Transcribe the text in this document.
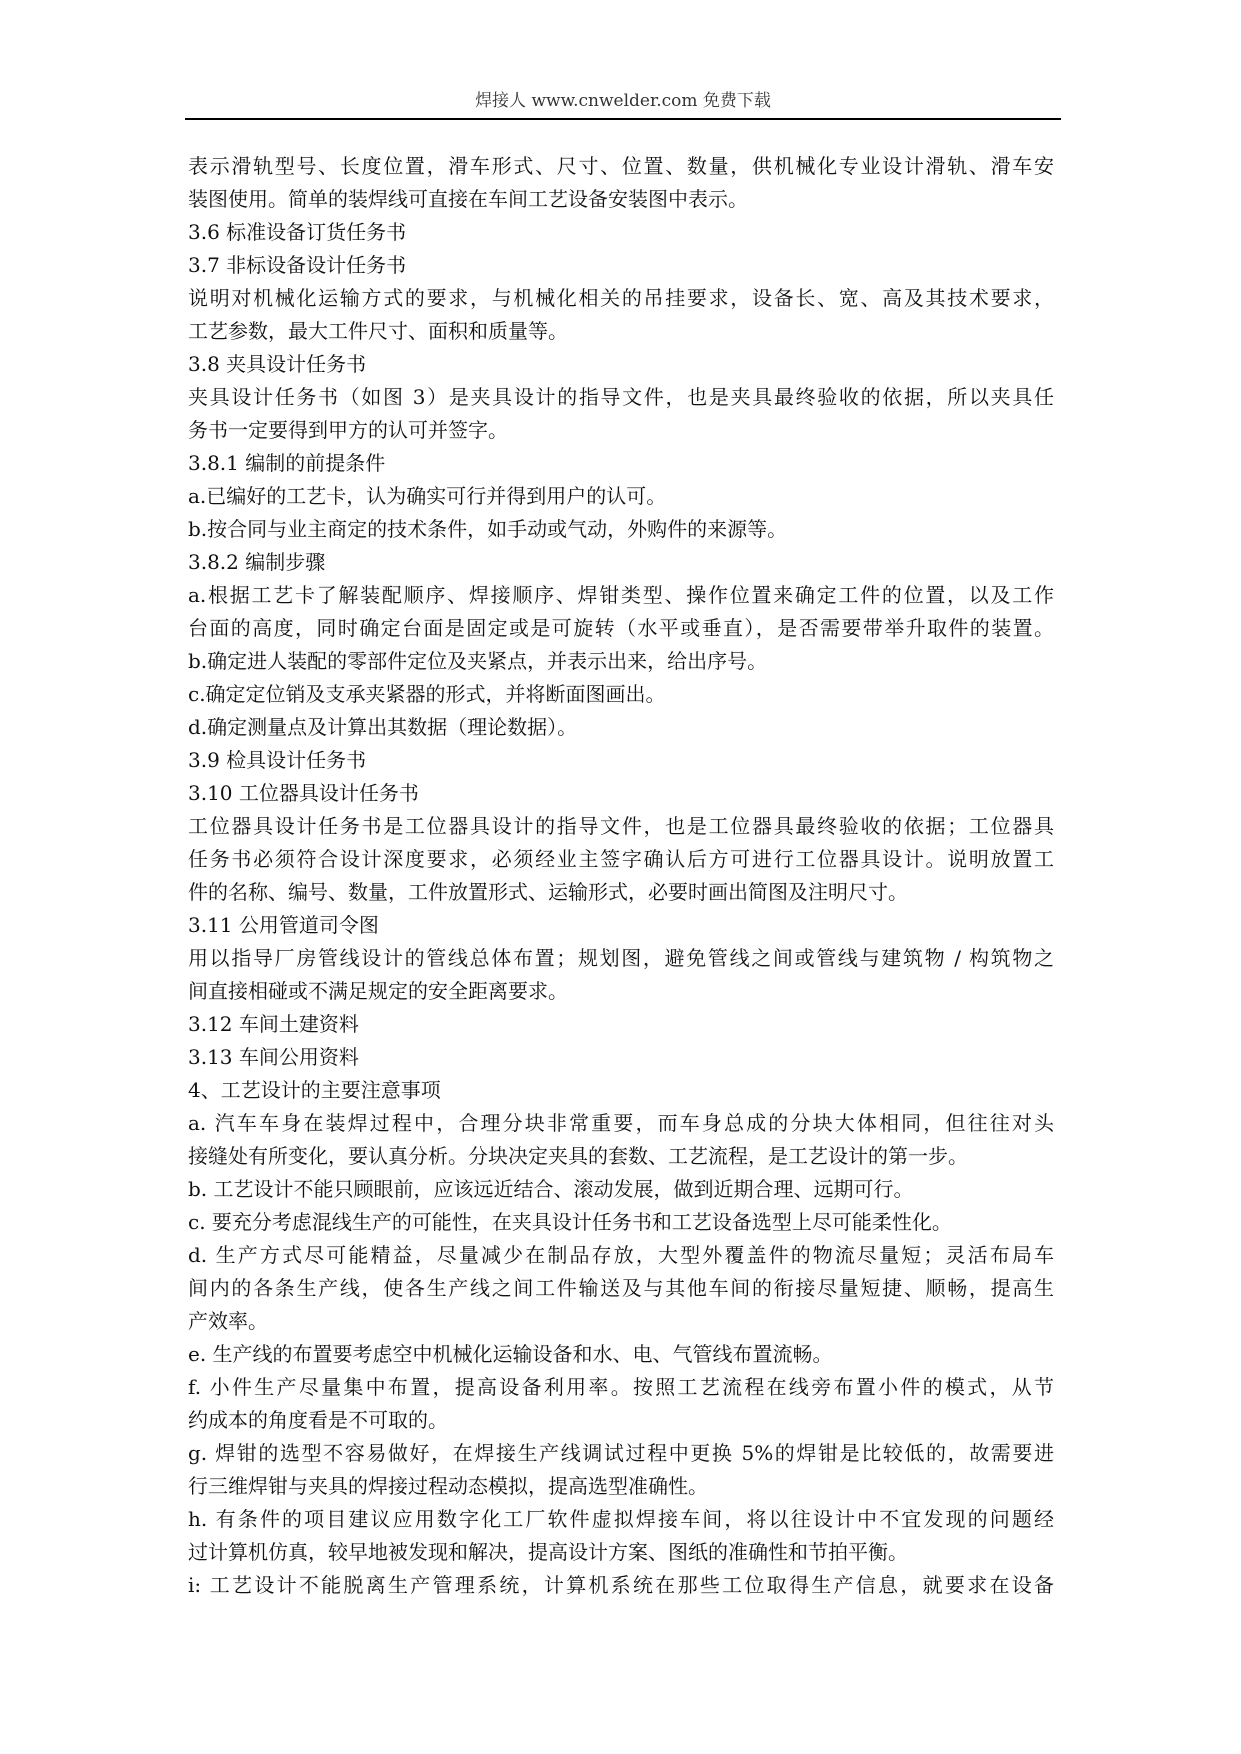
焊接人 www.cnwelder.com 免费下载
表示滑轨型号、长度位置，滑车形式、尺寸、位置、数量，供机械化专业设计滑轨、滑车安
装图使用。简单的装焊线可直接在车间工艺设备安装图中表示。
3.6 标准设备订货任务书
3.7 非标设备设计任务书
说明对机械化运输方式的要求，与机械化相关的吊挂要求，设备长、宽、高及其技术要求，
工艺参数，最大工件尺寸、面积和质量等。
3.8 夹具设计任务书
夹具设计任务书（如图 3）是夹具设计的指导文件，也是夹具最终验收的依据，所以夹具任
务书一定要得到甲方的认可并签字。
3.8.1 编制的前提条件
a.已编好的工艺卡，认为确实可行并得到用户的认可。
b.按合同与业主商定的技术条件，如手动或气动，外购件的来源等。
3.8.2 编制步骤
a.根据工艺卡了解装配顺序、焊接顺序、焊钳类型、操作位置来确定工件的位置，以及工作
台面的高度，同时确定台面是固定或是可旋转（水平或垂直），是否需要带举升取件的装置。
b.确定进人装配的零部件定位及夹紧点，并表示出来，给出序号。
c.确定定位销及支承夹紧器的形式，并将断面图画出。
d.确定测量点及计算出其数据（理论数据）。
3.9 检具设计任务书
3.10 工位器具设计任务书
工位器具设计任务书是工位器具设计的指导文件，也是工位器具最终验收的依据；工位器具
任务书必须符合设计深度要求，必须经业主签字确认后方可进行工位器具设计。说明放置工
件的名称、编号、数量，工件放置形式、运输形式，必要时画出简图及注明尺寸。
3.11 公用管道司令图
用以指导厂房管线设计的管线总体布置；规划图，避免管线之间或管线与建筑物 / 构筑物之
间直接相碰或不满足规定的安全距离要求。
3.12 车间土建资料
3.13 车间公用资料
4、工艺设计的主要注意事项
a. 汽车车身在装焊过程中，合理分块非常重要，而车身总成的分块大体相同，但往往对头
接缝处有所变化，要认真分析。分块决定夹具的套数、工艺流程，是工艺设计的第一步。
b. 工艺设计不能只顾眼前，应该远近结合、滚动发展，做到近期合理、远期可行。
c. 要充分考虑混线生产的可能性，在夹具设计任务书和工艺设备选型上尽可能柔性化。
d. 生产方式尽可能精益，尽量减少在制品存放，大型外覆盖件的物流尽量短；灵活布局车
间内的各条生产线，使各生产线之间工件输送及与其他车间的衔接尽量短捷、顺畅，提高生
产效率。
e. 生产线的布置要考虑空中机械化运输设备和水、电、气管线布置流畅。
f. 小件生产尽量集中布置，提高设备利用率。按照工艺流程在线旁布置小件的模式，从节
约成本的角度看是不可取的。
g. 焊钳的选型不容易做好，在焊接生产线调试过程中更换 5%的焊钳是比较低的，故需要进
行三维焊钳与夹具的焊接过程动态模拟，提高选型准确性。
h. 有条件的项目建议应用数字化工厂软件虚拟焊接车间，将以往设计中不宜发现的问题经
过计算机仿真，较早地被发现和解决，提高设计方案、图纸的准确性和节拍平衡。
i: 工艺设计不能脱离生产管理系统，计算机系统在那些工位取得生产信息，就要求在设备
